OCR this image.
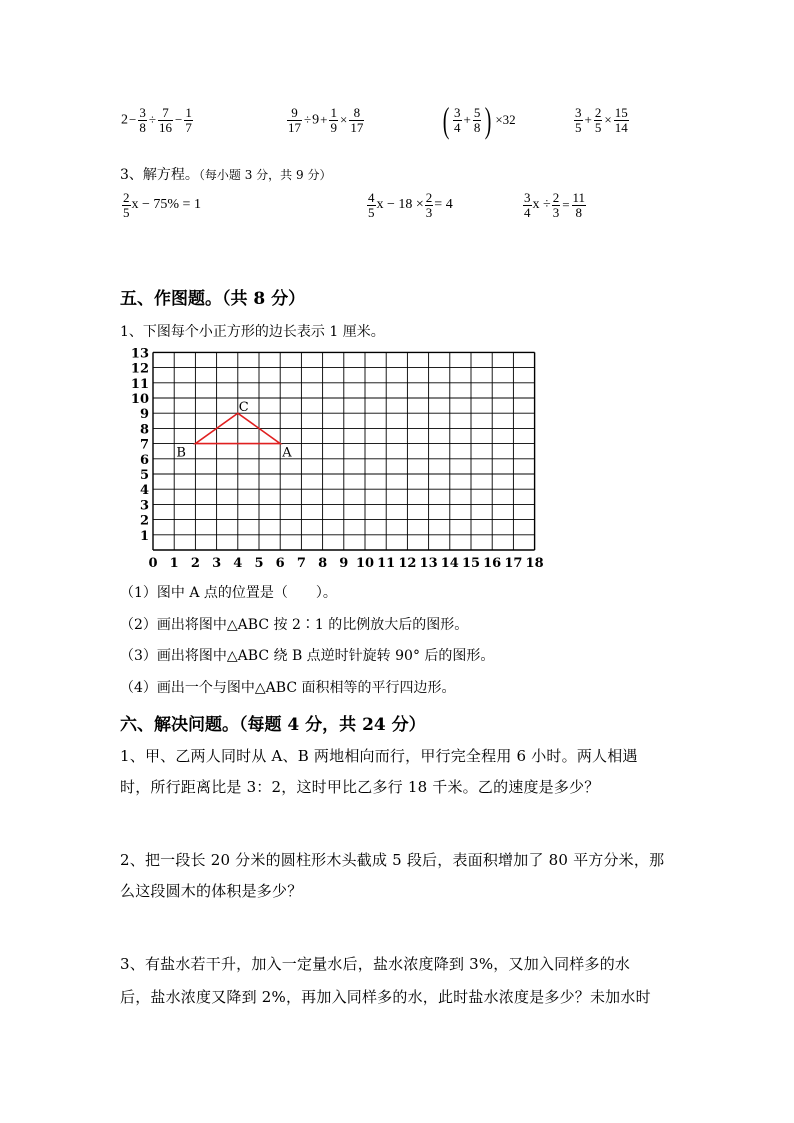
$2- \frac{3}{8} \div \frac{7}{16} - \frac{1}{7}$	$\frac{9}{17} \div 9+ \frac{1}{9} \times \frac{8}{17}$ ( $\frac{3}{4} + \frac{5}{8}$ ) ×32	$\frac{3}{5} + \frac{2}{5} \times \frac{15}{14}$
3、解方程。（每小题 3 分，共 9 分）
$\frac{2}{5}$ x − 75% = 1	$\frac{4}{5}$ $x - 18 \times \frac{2}{3} = 4$	$\frac{3}{4}$ $x \div \frac{2}{3} = \frac{11}{8}$
五、作图题。（共 8 分）
1、下图每个小正方形的边长表示 1 厘米。
0 1 2 3 4 5 6 7 8 9 10 11 12 13 14 15 16 17 18
1
2
3
4
5
6
7
8
9
10
11
12
13
A
B
C
（1）图中 A 点的位置是（　　）。
（2）画出将图中△ABC 按 2∶1 的比例放大后的图形。
（3）画出将图中△ABC 绕 B 点逆时针旋转 90° 后的图形。
（4）画出一个与图中△ABC 面积相等的平行四边形。
六、解决问题。（每题 4 分，共 24 分）
1、甲、乙两人同时从 A、B 两地相向而行，甲行完全程用 6 小时。两人相遇
时，所行距离比是 3：2，这时甲比乙多行 18 千米。乙的速度是多少？
2、把一段长 20 分米的圆柱形木头截成 5 段后，表面积增加了 80 平方分米，那
么这段圆木的体积是多少？
3、有盐水若干升，加入一定量水后，盐水浓度降到 3%，又加入同样多的水
后，盐水浓度又降到 2%，再加入同样多的水，此时盐水浓度是多少？未加水时
